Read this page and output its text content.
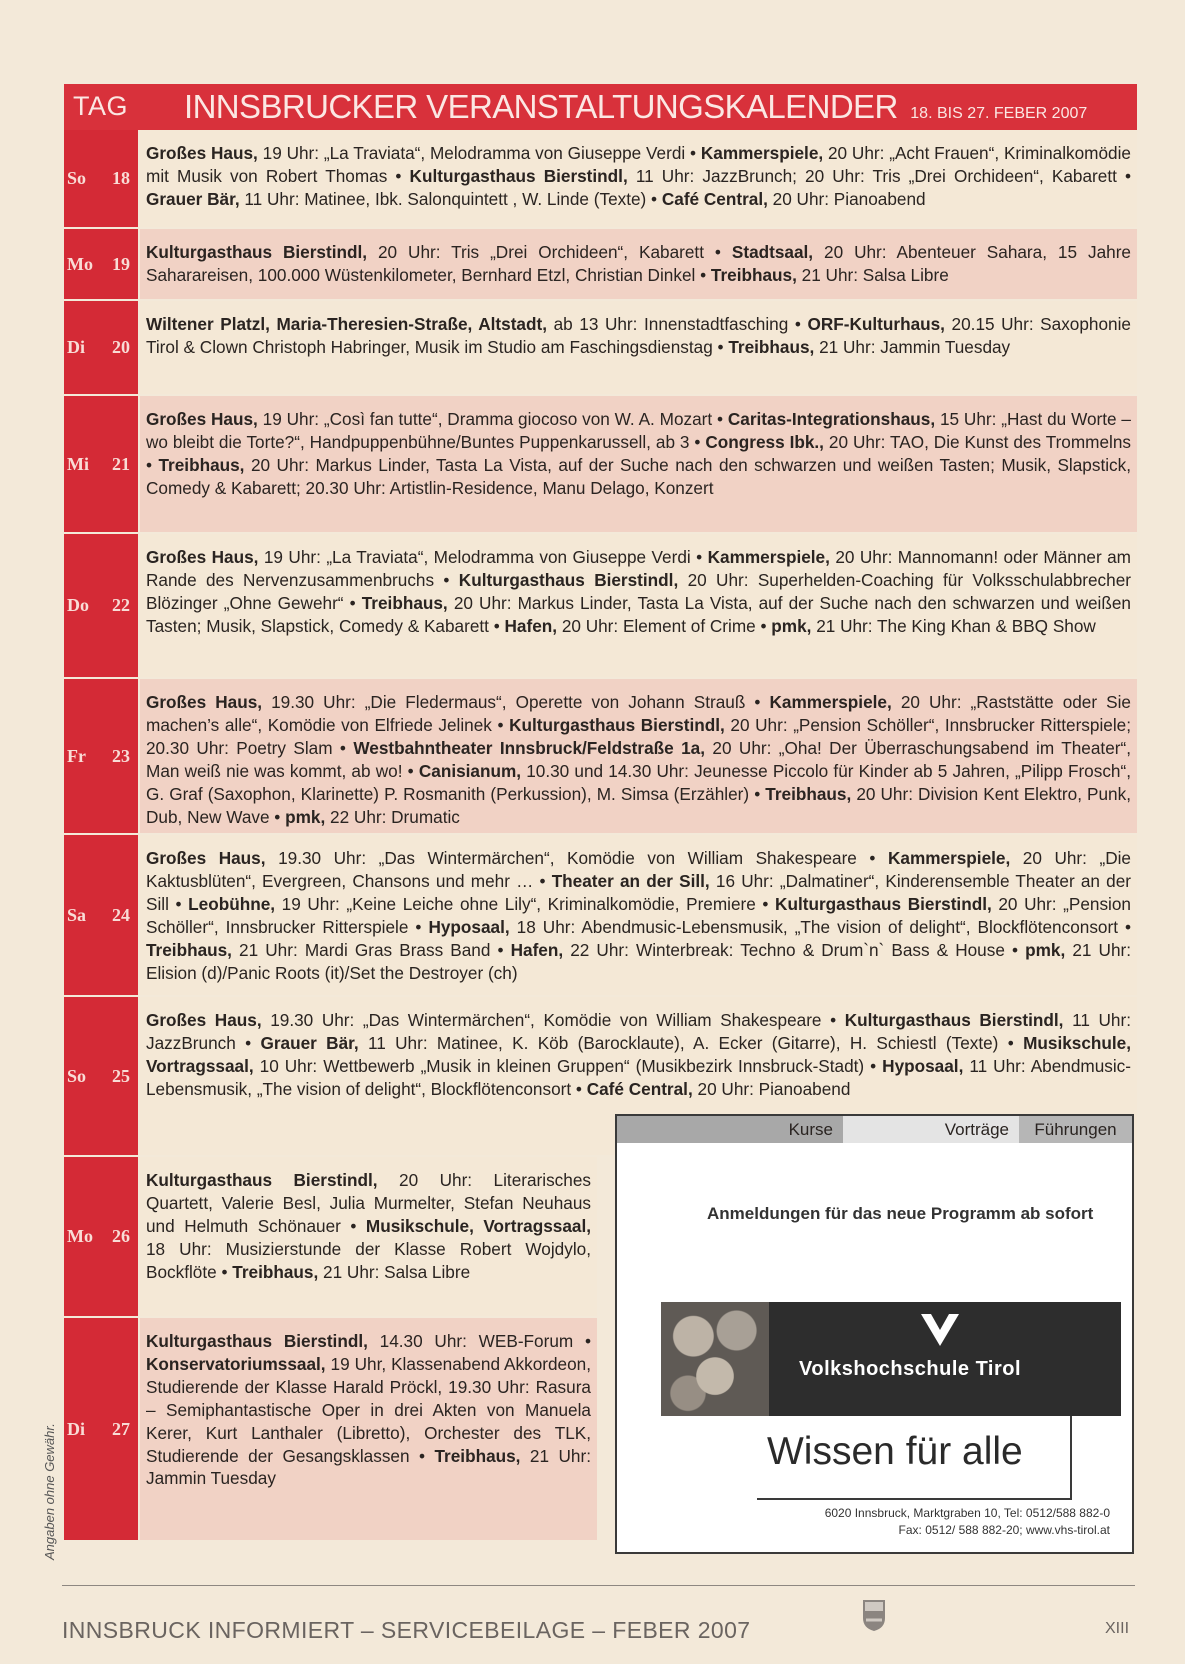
TAG INNSBRUCKER VERANSTALTUNGSKALENDER 18. BIS 27. FEBER 2007
So 18
Großes Haus, 19 Uhr: „La Traviata“, Melodramma von Giuseppe Verdi • Kammerspiele, 20 Uhr: „Acht Frauen“, Kriminalkomödie mit Musik von Robert Thomas • Kulturgasthaus Bierstindl, 11 Uhr: JazzBrunch; 20 Uhr: Tris „Drei Orchideen“, Kabarett • Grauer Bär, 11 Uhr: Matinee, Ibk. Salonquintett , W. Linde (Texte) • Café Central, 20 Uhr: Pianoabend
Mo 19
Kulturgasthaus Bierstindl, 20 Uhr: Tris „Drei Orchideen“, Kabarett • Stadtsaal, 20 Uhr: Abenteuer Sahara, 15 Jahre Saharareisen, 100.000 Wüstenkilometer, Bernhard Etzl, Christian Dinkel • Treibhaus, 21 Uhr: Salsa Libre
Di 20
Wiltener Platzl, Maria-Theresien-Straße, Altstadt, ab 13 Uhr: Innenstadtfasching • ORF-Kulturhaus, 20.15 Uhr: Saxophonie Tirol & Clown Christoph Habringer, Musik im Studio am Faschingsdienstag • Treibhaus, 21 Uhr: Jammin Tuesday
Mi 21
Großes Haus, 19 Uhr: „Così fan tutte“, Dramma giocoso von W. A. Mozart • Caritas-Integrationshaus, 15 Uhr: „Hast du Worte – wo bleibt die Torte?“, Handpuppenbühne/Buntes Puppenkarussell, ab 3 • Congress Ibk., 20 Uhr: TAO, Die Kunst des Trommelns • Treibhaus, 20 Uhr: Markus Linder, Tasta La Vista, auf der Suche nach den schwarzen und weißen Tasten; Musik, Slapstick, Comedy & Kabarett; 20.30 Uhr: Artistlin-Residence, Manu Delago, Konzert
Do 22
Großes Haus, 19 Uhr: „La Traviata“, Melodramma von Giuseppe Verdi • Kammerspiele, 20 Uhr: Mannomann! oder Männer am Rande des Nervenzusammenbruchs • Kulturgasthaus Bierstindl, 20 Uhr: Superhelden-Coaching für Volksschulabbrecher Blözinger „Ohne Gewehr“ • Treibhaus, 20 Uhr: Markus Linder, Tasta La Vista, auf der Suche nach den schwarzen und weißen Tasten; Musik, Slapstick, Comedy & Kabarett • Hafen, 20 Uhr: Element of Crime • pmk, 21 Uhr: The King Khan & BBQ Show
Fr 23
Großes Haus, 19.30 Uhr: „Die Fledermaus“, Operette von Johann Strauß • Kammerspiele, 20 Uhr: „Raststätte oder Sie machen’s alle“, Komödie von Elfriede Jelinek • Kulturgasthaus Bierstindl, 20 Uhr: „Pension Schöller“, Innsbrucker Ritterspiele; 20.30 Uhr: Poetry Slam • Westbahntheater Innsbruck/Feldstraße 1a, 20 Uhr: „Oha! Der Überraschungsabend im Theater“, Man weiß nie was kommt, ab wo! • Canisianum, 10.30 und 14.30 Uhr: Jeunesse Piccolo für Kinder ab 5 Jahren, „Pilipp Frosch“, G. Graf (Saxophon, Klarinette) P. Rosmanith (Perkussion), M. Simsa (Erzähler) • Treibhaus, 20 Uhr: Division Kent Elektro, Punk, Dub, New Wave • pmk, 22 Uhr: Drumatic
Sa 24
Großes Haus, 19.30 Uhr: „Das Wintermärchen“, Komödie von William Shakespeare • Kammerspiele, 20 Uhr: „Die Kaktusblüten“, Evergreen, Chansons und mehr … • Theater an der Sill, 16 Uhr: „Dalmatiner“, Kinderensemble Theater an der Sill • Leobühne, 19 Uhr: „Keine Leiche ohne Lily“, Kriminalkomödie, Premiere • Kulturgasthaus Bierstindl, 20 Uhr: „Pension Schöller“, Innsbrucker Ritterspiele • Hyposaal, 18 Uhr: Abendmusic-Lebensmusik, „The vision of delight“, Blockflötenconsort • Treibhaus, 21 Uhr: Mardi Gras Brass Band • Hafen, 22 Uhr: Winterbreak: Techno & Drum`n` Bass & House • pmk, 21 Uhr: Elision (d)/Panic Roots (it)/Set the Destroyer (ch)
So 25
Großes Haus, 19.30 Uhr: „Das Wintermärchen“, Komödie von William Shakespeare • Kulturgasthaus Bierstindl, 11 Uhr: JazzBrunch • Grauer Bär, 11 Uhr: Matinee, K. Köb (Barocklaute), A. Ecker (Gitarre), H. Schiestl (Texte) • Musikschule, Vortragssaal, 10 Uhr: Wettbewerb „Musik in kleinen Gruppen“ (Musikbezirk Innsbruck-Stadt) • Hyposaal, 11 Uhr: Abendmusic-Lebensmusik, „The vision of delight“, Blockflötenconsort • Café Central, 20 Uhr: Pianoabend
Mo 26
Kulturgasthaus Bierstindl, 20 Uhr: Literarisches Quartett, Valerie Besl, Julia Murmelter, Stefan Neuhaus und Helmuth Schönauer • Musikschule, Vortragssaal, 18 Uhr: Musizierstunde der Klasse Robert Wojdylo, Bockflöte • Treibhaus, 21 Uhr: Salsa Libre
Di 27
Kulturgasthaus Bierstindl, 14.30 Uhr: WEB-Forum • Konservatoriumssaal, 19 Uhr, Klassenabend Akkordeon, Studierende der Klasse Harald Pröckl, 19.30 Uhr: Rasura – Semiphantastische Oper in drei Akten von Manuela Kerer, Kurt Lanthaler (Libretto), Orchester des TLK, Studierende der Gesangsklassen • Treibhaus, 21 Uhr: Jammin Tuesday
Kurse	Vorträge	Führungen
Anmeldungen für das neue Programm ab sofort
Volkshochschule Tirol
Wissen für alle
6020 Innsbruck, Marktgraben 10, Tel: 0512/588 882-0
Fax: 0512/ 588 882-20; www.vhs-tirol.at
Angaben ohne Gewähr.
INNSBRUCK INFORMIERT – SERVICEBEILAGE – FEBER 2007	XIII
